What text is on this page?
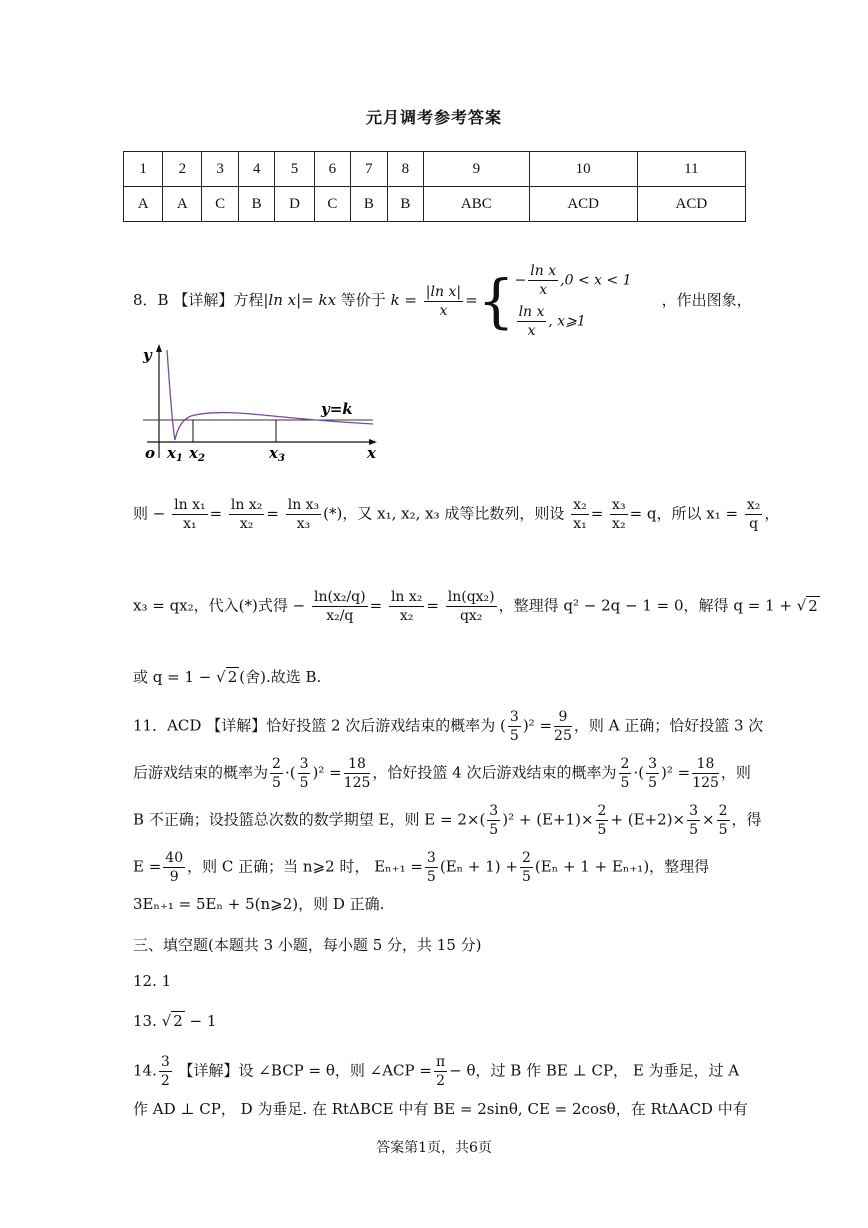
元月调考参考答案
1	2	3	4	5	6	7	8	9	10	11
A	A	C	B	D	C	B	B	ABC	ACD	ACD
8．B 【详解】方程|ln x|= kx 等价于 $k = \frac{\text{|ln x|}}{x}$ ={ − $\frac{\text{ln x}}{x} ,0 < x < 1$
$\frac{\text{ln x}}{x}$ , x⩾1
，作出图象，
y
y=k
o $x_1$ $x_2$	$x_3$	x
则 − $\frac{\text{ln x₁}}{\text{x₁}} = \frac{\text{ln x₂}}{\text{x₂}} = \frac{\text{ln x₃}}{\text{x₃}}$ (*)，又 x₁, x₂, x₃ 成等比数列，则设 $\frac{\text{x₂}}{\text{x₁}} = \frac{\text{x₃}}{\text{x₂}} = q$，所以 $x_1 = \frac{\text{x₂}}{q}$ ，
x₃ = qx₂，代入(*)式得 − $\frac{\text{ln(x₂/q)}}{\text{x₂/q}} = \frac{\text{ln x₂}}{\text{x₂}} = \frac{\text{ln(qx₂)}}{\text{qx₂}}$ ，整理得 q² − 2q − 1 = 0，解得 q = 1 + √ 2
或 q = 1 − √ 2 (舍).故选 B.
11．ACD 【详解】恰好投篮 2 次后游戏结束的概率为 ( $\frac{3}{5} )^2 = \frac{9}{25}$ ，则 A 正确；恰好投篮 3 次
后游戏结束的概率为 $\frac{2}{5}$ ·( $\frac{3}{5} )^2 = \frac{18}{125}$ ，恰好投篮 4 次后游戏结束的概率为 $\frac{2}{5}$ ·( $\frac{3}{5} )^2 = \frac{18}{125}$ ，则
B 不正确；设投篮总次数的数学期望 E，则 $E = 2\times( \frac{3}{5} )^2 + (E+1)\times \frac{2}{5} + (E+2)\times \frac{3}{5} \times \frac{2}{5}$ ，得
$E = \frac{40}{9}$ ，则 C 正确；当 n⩾2 时， $E_{n+1} = \frac{3}{5} (E_n + 1) + \frac{2}{5} (E_n + 1 + E_{n+1})$，整理得
3Eₙ₊₁ = 5Eₙ + 5(n⩾2)，则 D 正确.
三、填空题(本题共 3 小题，每小题 5 分，共 15 分)
12. 1
13. √ 2 − 1
14. $\frac{3}{2}$ 【详解】设 ∠BCP = θ，则 ∠ACP = $\frac{\pi}{2} - \theta$，过 B 作 BE ⊥ CP， E 为垂足，过 A
作 AD ⊥ CP， D 为垂足. 在 RtΔBCE 中有 BE = 2sinθ, CE = 2cosθ，在 RtΔACD 中有
答案第1页，共6页
